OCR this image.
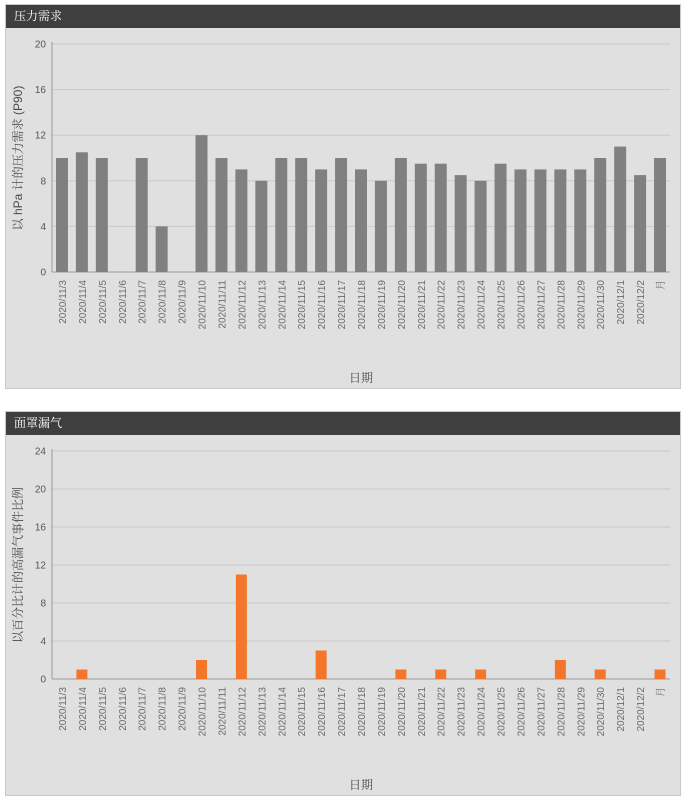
压力需求
0
4
8
12
16
20
2020/11/3 2020/11/4 2020/11/5 2020/11/6 2020/11/7 2020/11/8 2020/11/9 2020/11/10 2020/11/11 2020/11/12 2020/11/13 2020/11/14 2020/11/15 2020/11/16 2020/11/17 2020/11/18 2020/11/19 2020/11/20 2020/11/21 2020/11/22 2020/11/23 2020/11/24 2020/11/25 2020/11/26 2020/11/27 2020/11/28 2020/11/29 2020/11/30 2020/12/1 2020/12/2 月
日期
以 hPa 计的压力需求 (P90)
面罩漏气
0
4
8
12
16
20
24
2020/11/3 2020/11/4 2020/11/5 2020/11/6 2020/11/7 2020/11/8 2020/11/9 2020/11/10 2020/11/11 2020/11/12 2020/11/13 2020/11/14 2020/11/15 2020/11/16 2020/11/17 2020/11/18 2020/11/19 2020/11/20 2020/11/21 2020/11/22 2020/11/23 2020/11/24 2020/11/25 2020/11/26 2020/11/27 2020/11/28 2020/11/29 2020/11/30 2020/12/1 2020/12/2 月
日期
以百分比计的高漏气事件比例
